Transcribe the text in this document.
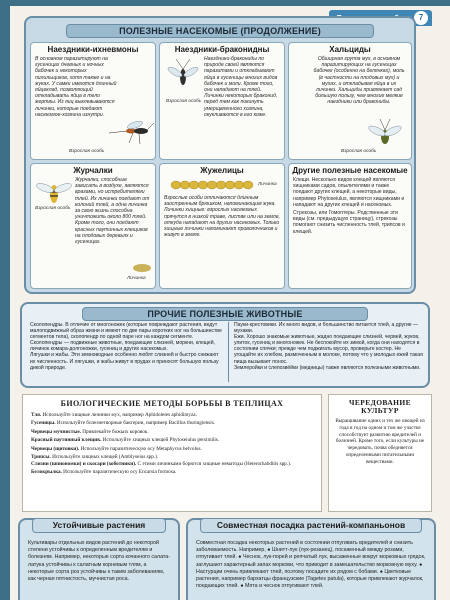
7
ПОЛЕЗНЫЕ НАСЕКОМЫЕ (ПРОДОЛЖЕНИЕ)
Наездники-ихневмоны

В основном паразитируют на гусеницах дневных и ночных бабочек и некоторых пилильщиков, хотя также и на жуках. У самки имеются длинный яйцеклад, позволяющий откладывать яйца в тело жертвы. Из яиц выклевываются личинки, которые поедают насекомое-хозяина изнутри.

Взрослая особь
Наездники-браконидны

Наездники-бракониды по природе своей являются паразитами и откладывают яйца в гусеницы многих видов бабочек и моли. Кроме того, они нападают на тлей. Личинки некоторых браконид, перед тем как покинуть умерщвленного хозяина, окукливаются в его коже.

Взрослая особь
Хальциды

Обширная группа мух, в основном паразитирующих на гусеницах бабочек (особенно на белянках), моль (в частности на плодовых мух) и мухах, и откладывая яйца в их личинки. Хальциды привлекает сад большую пользу, чем многие мелкие наездники или бракониды.

Взрослая особь
Журчалки
Взрослая особь

Журчалки, способные зависать в воздухе, являются врагами, но истребителями тлей. Их личинки поедают от колоний тлей, а одна личинка за свою жизнь способна уничтожить около 800 тлей. Кроме того, они поедают красных паутинных клещиков на плодовых деревьях и гусеницах.

Личинка
Жужелицы
Личинка

Взрослые особи отличаются длинным заостренным брюшком, напоминающим жука. Личинки хищные: взрослых насекомых прячутся в низкой траве, листве или на земле, откуда нападают на других насекомых. Только хищные личинки напоминают проволочников и живут в земле.

Другие полезные насекомые

Клещи. Несколько видов клещей являются хищниками садов, опылителями и также поедают других клещей, а некоторые виды, например Phytoseiulus, являются хищниками и нападают на других клещей и насекомых.

Стрекозы, или Гомоптеры. Родственные эти виды (см. предыдущую страницу), стрекозы помогают снизить численность тлей, трипсов и клещей.

ПРОЧИЕ ПОЛЕЗНЫЕ ЖИВОТНЫЕ
Сколопендры. В отличие от многоножек (которые повреждают растения, ведут малоподвижный образ жизни и имеют по две пары коротких ног на большинстве сегментов тела), сколопендр по одной паре ног на каждом сегменте. Сколопендры — подвижные животные, поедающие слизней, моркни, клещей, личинок комара-долгоножки, гусениц и других насекомых.
Лягушки и жабы. Эти земноводные особенно любят слизней и быстро снижают их численность. И лягушки, и жабы живут в прудах и приносят большую пользу дикой природе.
Пауки-крестовики. Их много видов, и большинство питается тлей, а другие — мухами.
Ежи. Хорошо знакомые животные, жадно поедающие слизней, червей, жуков, улиток, гусениц и многоножек. Не беспокойте их зимой, когда они находятся в состоянии спячки; прежде чем поджигать мусор, проверьте костер. Не угощайте их хлебом, размоченным в молоке, потому что у молодых ежей такая пища вызывает понос.
Землеройки и слепозвёйки (медницы) также являются полезными животными.
БИОЛОГИЧЕСКИЕ МЕТОДЫ БОРЬБЫ В ТЕПЛИЦАХ
Тля. Используйте хищные личинки мух, например Aphidoletes aphidimyza.
Гусеницы. Используйте болезнетворные бактерии, например Bacillus thuringiensis.
Червецы мучнистые. Привлекайте божьих коровок.
Красный паутинный клещик. Используйте хищных клещей Phytoseiulus persimilis.
Червецы (щитовки). Используйте паразитическую осу Metaphycus helvolus.
Трипсы. Используйте хищных клещей (Amblyseius spp.).
Слизни (шпиономки) и скосари (хоботники). С этими личинками борются хищные нематоды (Heterorhabditis spp.).
Белокрылка. Используйте паразитическую осу Encarsia formosa.
ЧЕРЕДОВАНИЕ КУЛЬТУР
Выращивание одних и тех же овощей из года в год на одном и том же участке способствует развитию вредителей и болезней. Кроме того, если культуры не чередовать, почва обедняется определенными питательными веществами.
Устойчивые растения
Культивары отдельных видов растений до некоторой степени устойчивы к определенным вредителям и болезням. Например, некоторые сорта кочанного салата-латука устойчивы к салатным корневым тлям, а некоторые сорта роз устойчивы к таким заболеваниям, как черная пятнистость, мучнистая роса.
Совместная посадка растений-компаньонов
Совместная посадка некоторых растений в состоянии отпугивать вредителей и снизить заболеваемость. Например, ● Шнитт-лук (лук-резанец), посаженный между розами, отпугивает тлей. ● Чеснок, лук-порей и репчатый лук, высаженные вокруг морковных грядок, заглушают характерный запах моркови, что приводит в замешательство морковную муху. ● Настурции очень привлекают тлей, поэтому посадите их рядом с бобами. ● Цветковые растения, например бархатцы французские (Tagetes patula), которые привлекают журчалок, поедающих тлей. ● Мята и чеснок отпугивают тлей.
